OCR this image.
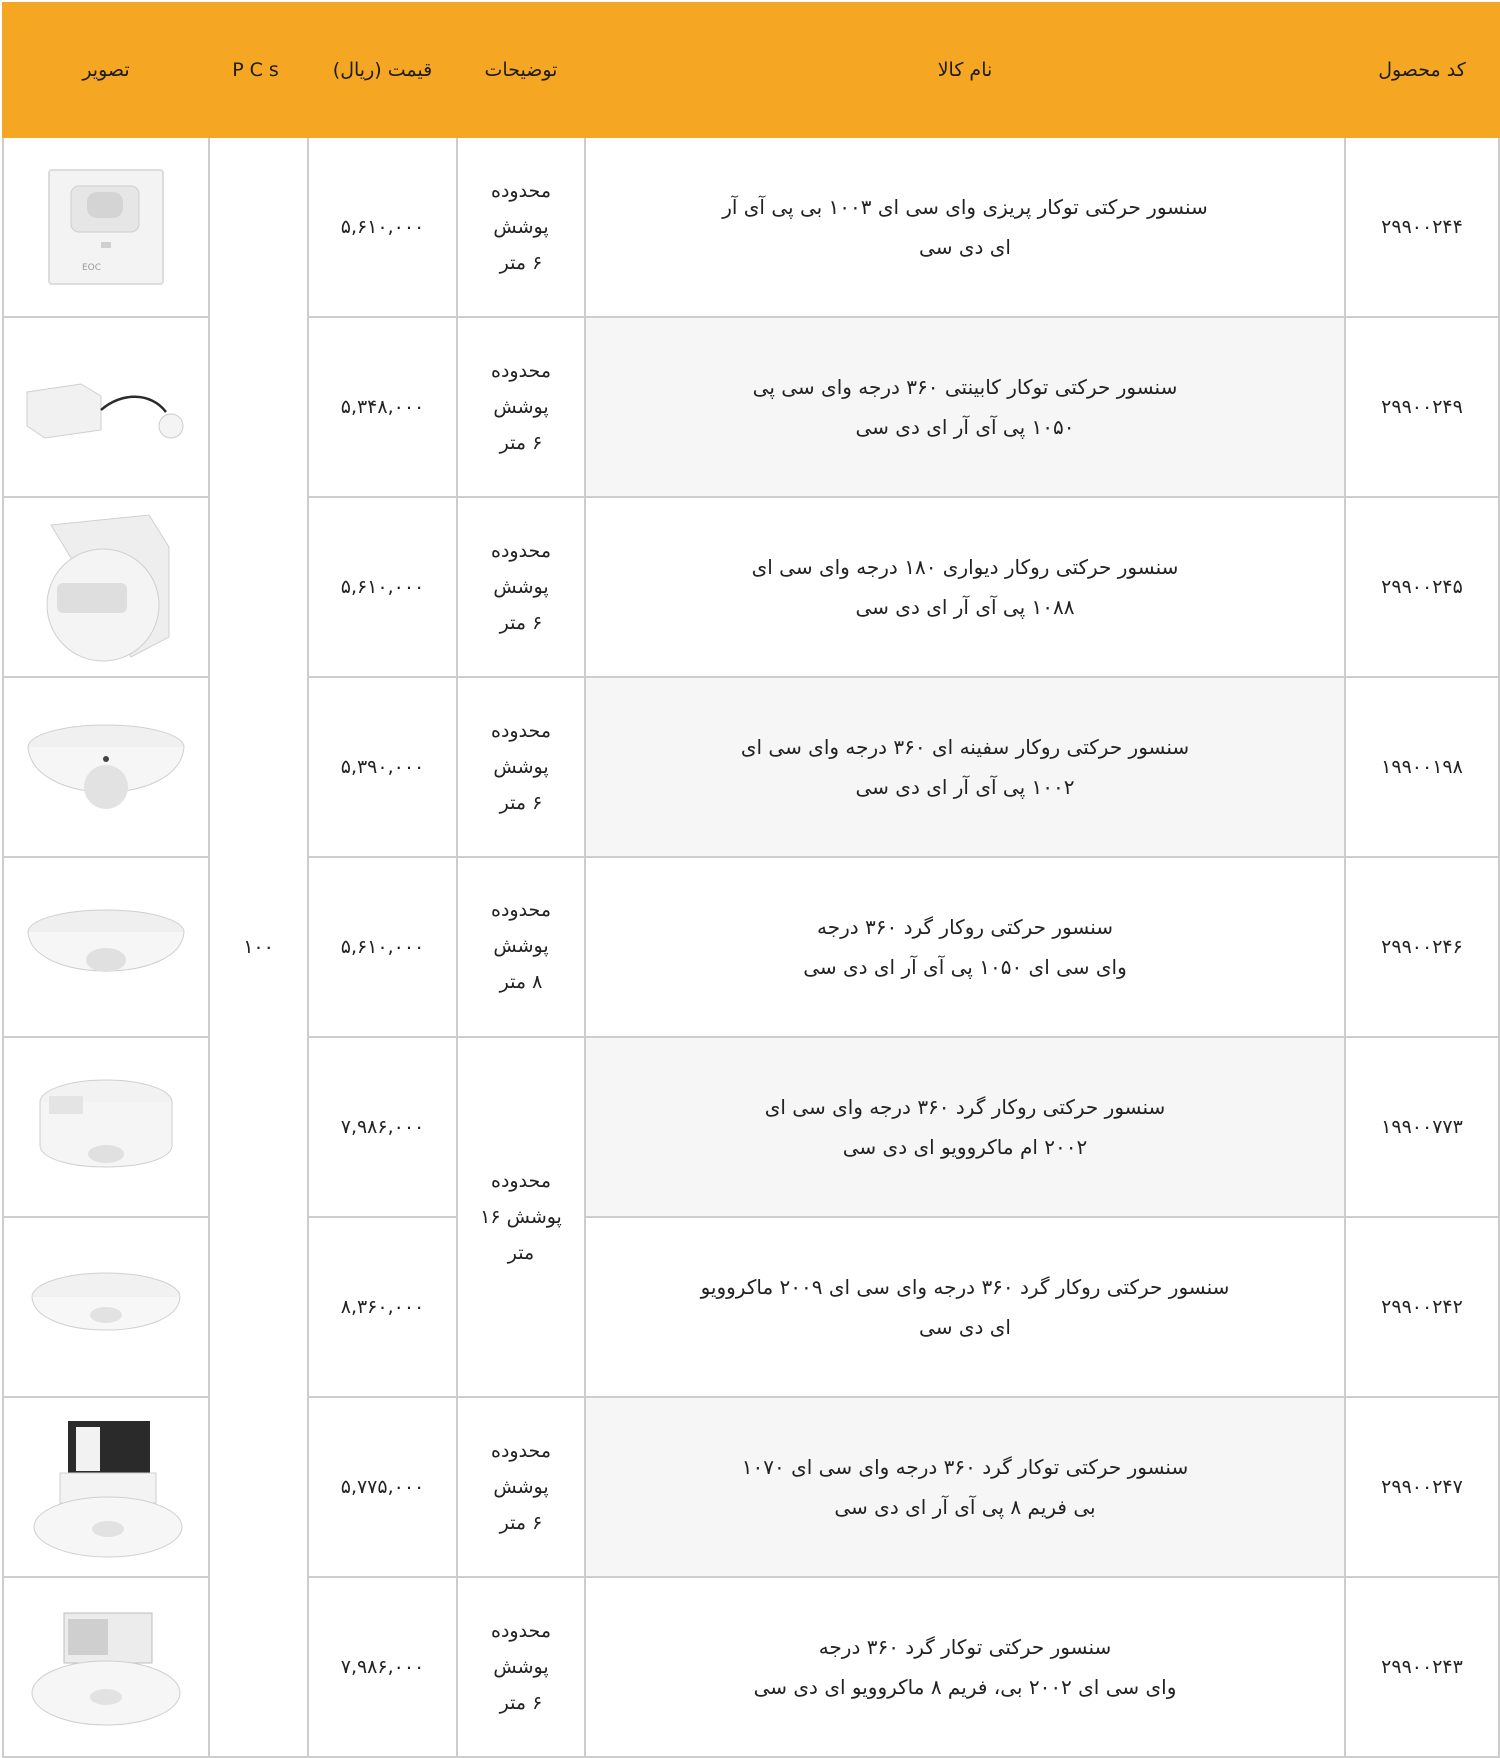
کد محصول	نام کالا	توضیحات	قیمت (ریال)	PCs	تصویر
۲۹۹۰۰۲۴۴	سنسور حرکتی توکار پریزی وای سی ای ۱۰۰۳ بی پی آی آر
ای دی سی	محدوده
پوشش
۶ متر	۵,۶۱۰,۰۰۰	۱۰۰	EOC

۲۹۹۰۰۲۴۹	سنسور حرکتی توکار کابینتی ۳۶۰ درجه وای سی پی
۱۰۵۰ پی آی آر ای دی سی	محدوده
پوشش
۶ متر	۵,۳۴۸,۰۰۰	

۲۹۹۰۰۲۴۵	سنسور حرکتی روکار دیواری ۱۸۰ درجه وای سی ای
۱۰۸۸ پی آی آر ای دی سی	محدوده
پوشش
۶ متر	۵,۶۱۰,۰۰۰	

۱۹۹۰۰۱۹۸	سنسور حرکتی روکار سفینه ای ۳۶۰ درجه وای سی ای
۱۰۰۲ پی آی آر ای دی سی	محدوده
پوشش
۶ متر	۵,۳۹۰,۰۰۰	

۲۹۹۰۰۲۴۶	سنسور حرکتی روکار گرد ۳۶۰ درجه
وای سی ای ۱۰۵۰ پی آی آر ای دی سی	محدوده
پوشش
۸ متر	۵,۶۱۰,۰۰۰	

۱۹۹۰۰۷۷۳	سنسور حرکتی روکار گرد ۳۶۰ درجه وای سی ای
۲۰۰۲ ام ماکروویو ای دی سی	محدوده
پوشش ۱۶
متر	۷,۹۸۶,۰۰۰	

۲۹۹۰۰۲۴۲	سنسور حرکتی روکار گرد ۳۶۰ درجه وای سی ای ۲۰۰۹ ماکروویو
ای دی سی		۸,۳۶۰,۰۰۰	

۲۹۹۰۰۲۴۷	سنسور حرکتی توکار گرد ۳۶۰ درجه وای سی ای ۱۰۷۰
بی فریم ۸ پی آی آر ای دی سی	محدوده
پوشش
۶ متر	۵,۷۷۵,۰۰۰	

۲۹۹۰۰۲۴۳	سنسور حرکتی توکار گرد ۳۶۰ درجه
وای سی ای ۲۰۰۲ بی، فریم ۸ ماکروویو ای دی سی	محدوده
پوشش
۶ متر	۷,۹۸۶,۰۰۰	
